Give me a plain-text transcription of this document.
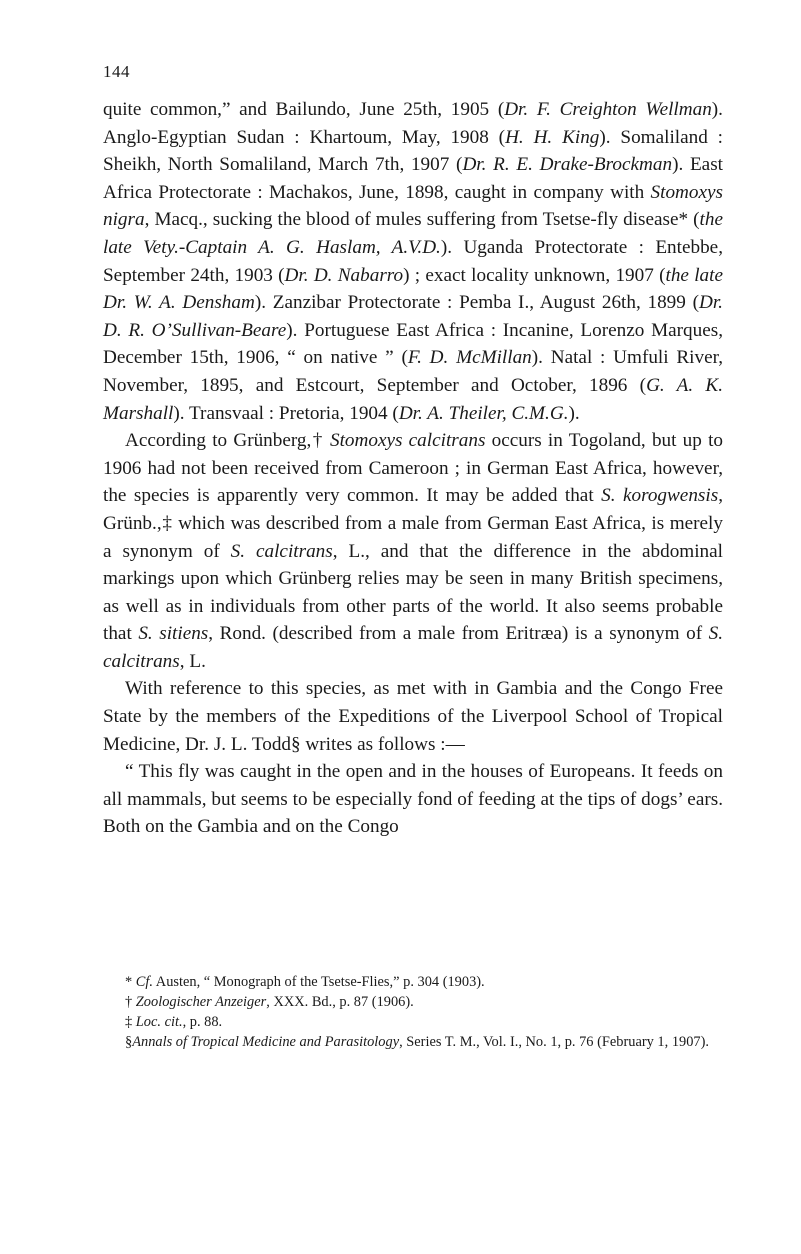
144

quite common,” and Bailundo, June 25th, 1905 (Dr. F. Creighton Wellman). Anglo-Egyptian Sudan : Khartoum, May, 1908 (H. H. King). Somaliland : Sheikh, North Somaliland, March 7th, 1907 (Dr. R. E. Drake-Brockman). East Africa Protectorate : Machakos, June, 1898, caught in company with Stomoxys nigra, Macq., sucking the blood of mules suffering from Tsetse-fly disease* (the late Vety.-Captain A. G. Haslam, A.V.D.). Uganda Protectorate : Entebbe, September 24th, 1903 (Dr. D. Nabarro) ; exact locality unknown, 1907 (the late Dr. W. A. Densham). Zanzibar Protectorate : Pemba I., August 26th, 1899 (Dr. D. R. O’Sullivan-Beare). Portuguese East Africa : Incanine, Lorenzo Marques, December 15th, 1906, “ on native ” (F. D. McMillan). Natal : Umfuli River, November, 1895, and Estcourt, September and October, 1896 (G. A. K. Marshall). Transvaal : Pretoria, 1904 (Dr. A. Theiler, C.M.G.).

According to Grünberg,† Stomoxys calcitrans occurs in Togoland, but up to 1906 had not been received from Cameroon ; in German East Africa, however, the species is apparently very common. It may be added that S. korogwensis, Grünb.,‡ which was described from a male from German East Africa, is merely a synonym of S. calcitrans, L., and that the difference in the abdominal markings upon which Grünberg relies may be seen in many British specimens, as well as in individuals from other parts of the world. It also seems probable that S. sitiens, Rond. (described from a male from Eritræa) is a synonym of S. calcitrans, L.

With reference to this species, as met with in Gambia and the Congo Free State by the members of the Expeditions of the Liverpool School of Tropical Medicine, Dr. J. L. Todd§ writes as follows :—

“ This fly was caught in the open and in the houses of Europeans. It feeds on all mammals, but seems to be especially fond of feeding at the tips of dogs’ ears. Both on the Gambia and on the Congo

* Cf. Austen, “ Monograph of the Tsetse-Flies,” p. 304 (1903).

† Zoologischer Anzeiger, XXX. Bd., p. 87 (1906).

‡ Loc. cit., p. 88.

§Annals of Tropical Medicine and Parasitology, Series T. M., Vol. I., No. 1, p. 76 (February 1, 1907).
